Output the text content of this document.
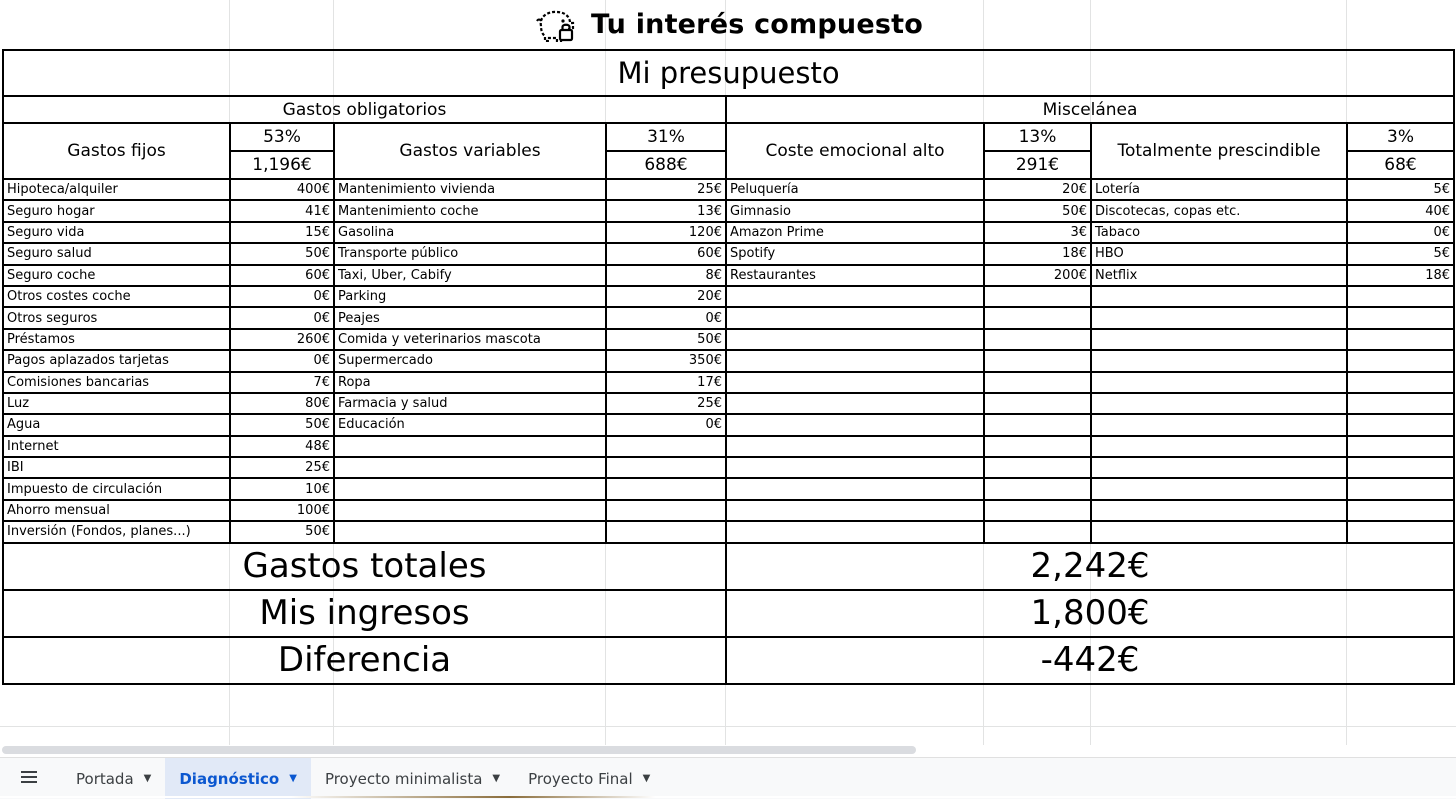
Tu interés compuesto
Mi presupuesto							
Gastos obligatorios				Miscelánea			
Gastos fijos	53%	Gastos variables	31%	Coste emocional alto	13%	Totalmente prescindible	3%
	1,196€		688€		291€		68€
Hipoteca/alquiler	400€	Mantenimiento vivienda	25€	Peluquería	20€	Lotería	5€
Seguro hogar	41€	Mantenimiento coche	13€	Gimnasio	50€	Discotecas, copas etc.	40€
Seguro vida	15€	Gasolina	120€	Amazon Prime	3€	Tabaco	0€
Seguro salud	50€	Transporte público	60€	Spotify	18€	HBO	5€
Seguro coche	60€	Taxi, Uber, Cabify	8€	Restaurantes	200€	Netflix	18€
Otros costes coche	0€	Parking	20€				
Otros seguros	0€	Peajes	0€				
Préstamos	260€	Comida y veterinarios mascota	50€				
Pagos aplazados tarjetas	0€	Supermercado	350€				
Comisiones bancarias	7€	Ropa	17€				
Luz	80€	Farmacia y salud	25€				
Agua	50€	Educación	0€				
Internet	48€						
IBI	25€						
Impuesto de circulación	10€						
Ahorro mensual	100€						
Inversión (Fondos, planes...)	50€						
Gastos totales				2,242€			
Mis ingresos				1,800€			
Diferencia				-442€			
Portada ▼ Diagnóstico ▼ Proyecto minimalista ▼ Proyecto Final ▼
